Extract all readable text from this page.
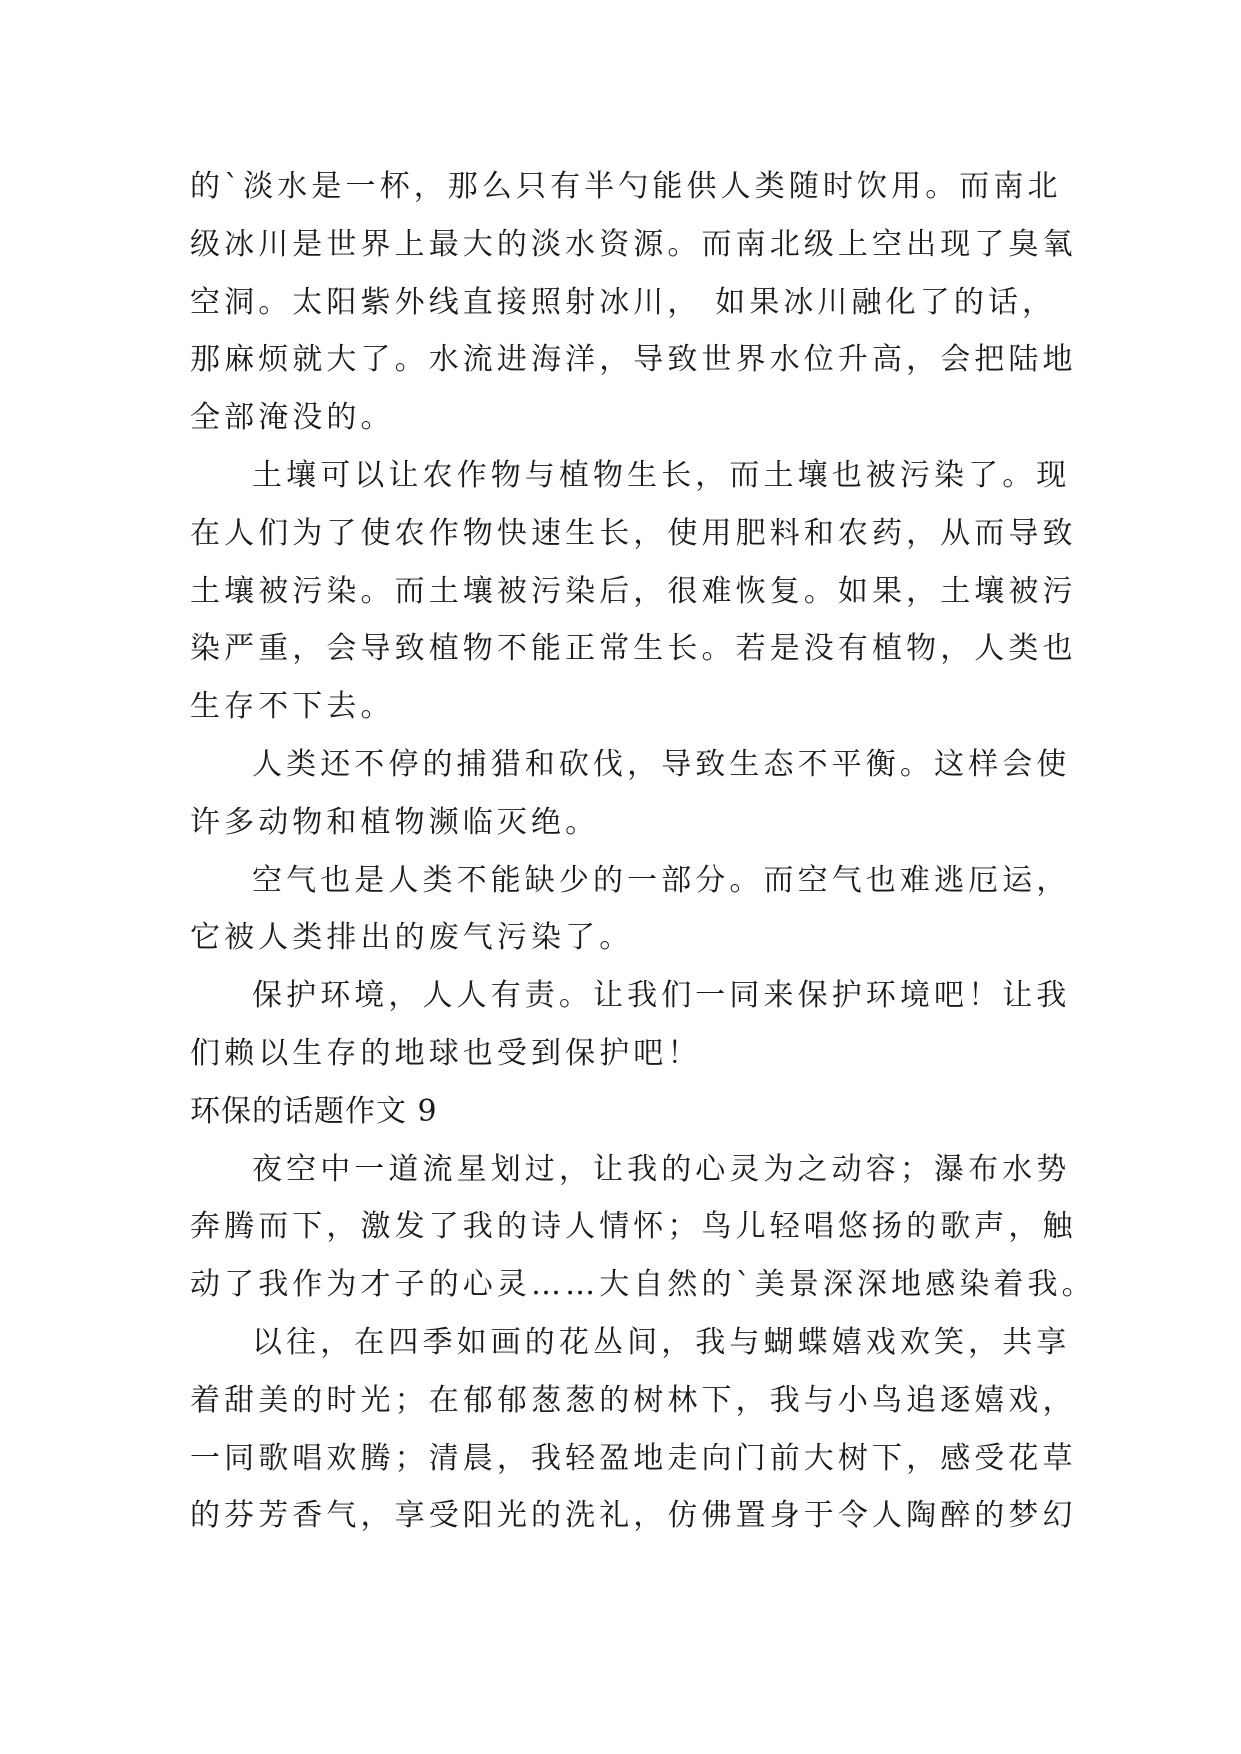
的`淡水是一杯，那么只有半勺能供人类随时饮用。而南北
级冰川是世界上最大的淡水资源。而南北级上空出现了臭氧
空洞。太阳紫外线直接照射冰川， 如果冰川融化了的话，
那麻烦就大了。水流进海洋，导致世界水位升高，会把陆地
全部淹没的。
土壤可以让农作物与植物生长，而土壤也被污染了。现
在人们为了使农作物快速生长，使用肥料和农药，从而导致
土壤被污染。而土壤被污染后，很难恢复。如果，土壤被污
染严重，会导致植物不能正常生长。若是没有植物，人类也
生存不下去。
人类还不停的捕猎和砍伐，导致生态不平衡。这样会使
许多动物和植物濒临灭绝。
空气也是人类不能缺少的一部分。而空气也难逃厄运，
它被人类排出的废气污染了。
保护环境，人人有责。让我们一同来保护环境吧！让我
们赖以生存的地球也受到保护吧！
环保的话题作文 9
夜空中一道流星划过，让我的心灵为之动容；瀑布水势
奔腾而下，激发了我的诗人情怀；鸟儿轻唱悠扬的歌声，触
动了我作为才子的心灵……大自然的`美景深深地感染着我。
以往，在四季如画的花丛间，我与蝴蝶嬉戏欢笑，共享
着甜美的时光；在郁郁葱葱的树林下，我与小鸟追逐嬉戏，
一同歌唱欢腾；清晨，我轻盈地走向门前大树下，感受花草
的芬芳香气，享受阳光的洗礼，仿佛置身于令人陶醉的梦幻
